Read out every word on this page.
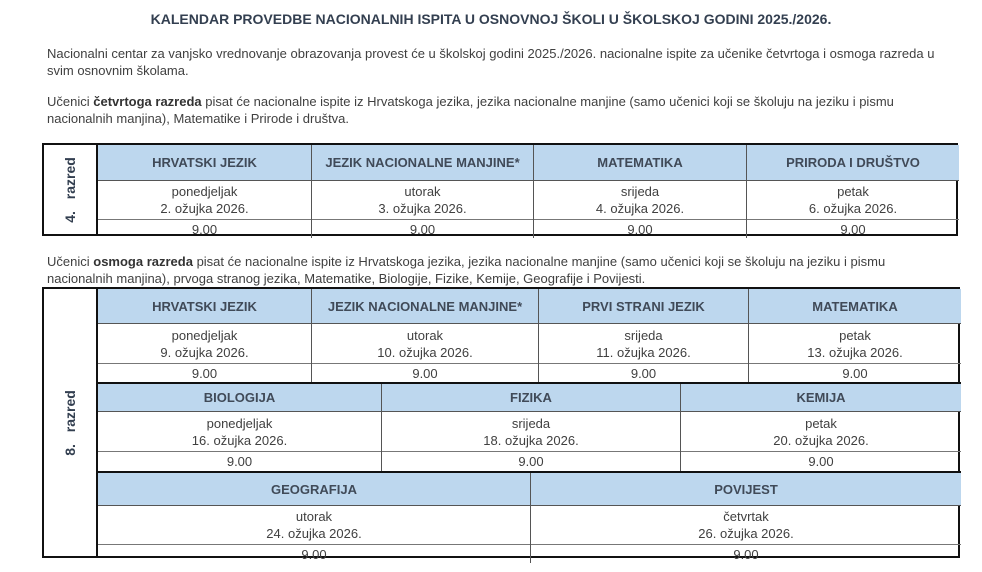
KALENDAR PROVEDBE NACIONALNIH ISPITA U OSNOVNOJ ŠKOLI U ŠKOLSKOJ GODINI 2025./2026.
Nacionalni centar za vanjsko vrednovanje obrazovanja provest će u školskoj godini 2025./2026. nacionalne ispite za učenike četvrtoga i osmoga razreda u svim osnovnim školama.
Učenici četvrtoga razreda pisat će nacionalne ispite iz Hrvatskoga jezika, jezika nacionalne manjine (samo učenici koji se školuju na jeziku i pismu nacionalnih manjina), Matematike i Prirode i društva.
4. razred	HRVATSKI JEZIK
ponedjeljak
2. ožujka 2026.
9.00
JEZIK NACIONALNE MANJINE*
utorak
3. ožujka 2026.
9.00
MATEMATIKA
srijeda
4. ožujka 2026.
9.00
PRIRODA I DRUŠTVO
petak
6. ožujka 2026.
9.00
Učenici osmoga razreda pisat će nacionalne ispite iz Hrvatskoga jezika, jezika nacionalne manjine (samo učenici koji se školuju na jeziku i pismu nacionalnih manjina), prvoga stranog jezika, Matematike, Biologije, Fizike, Kemije, Geografije i Povijesti.
8. razred
HRVATSKI JEZIK
ponedjeljak
9. ožujka 2026.
9.00
JEZIK NACIONALNE MANJINE*
utorak
10. ožujka 2026.
9.00
PRVI STRANI JEZIK
srijeda
11. ožujka 2026.
9.00
MATEMATIKA
petak
13. ožujka 2026.
9.00
BIOLOGIJA
ponedjeljak
16. ožujka 2026.
9.00
FIZIKA
srijeda
18. ožujka 2026.
9.00
KEMIJA
petak
20. ožujka 2026.
9.00
GEOGRAFIJA
utorak
24. ožujka 2026.
9.00
POVIJEST
četvrtak
26. ožujka 2026.
9.00
